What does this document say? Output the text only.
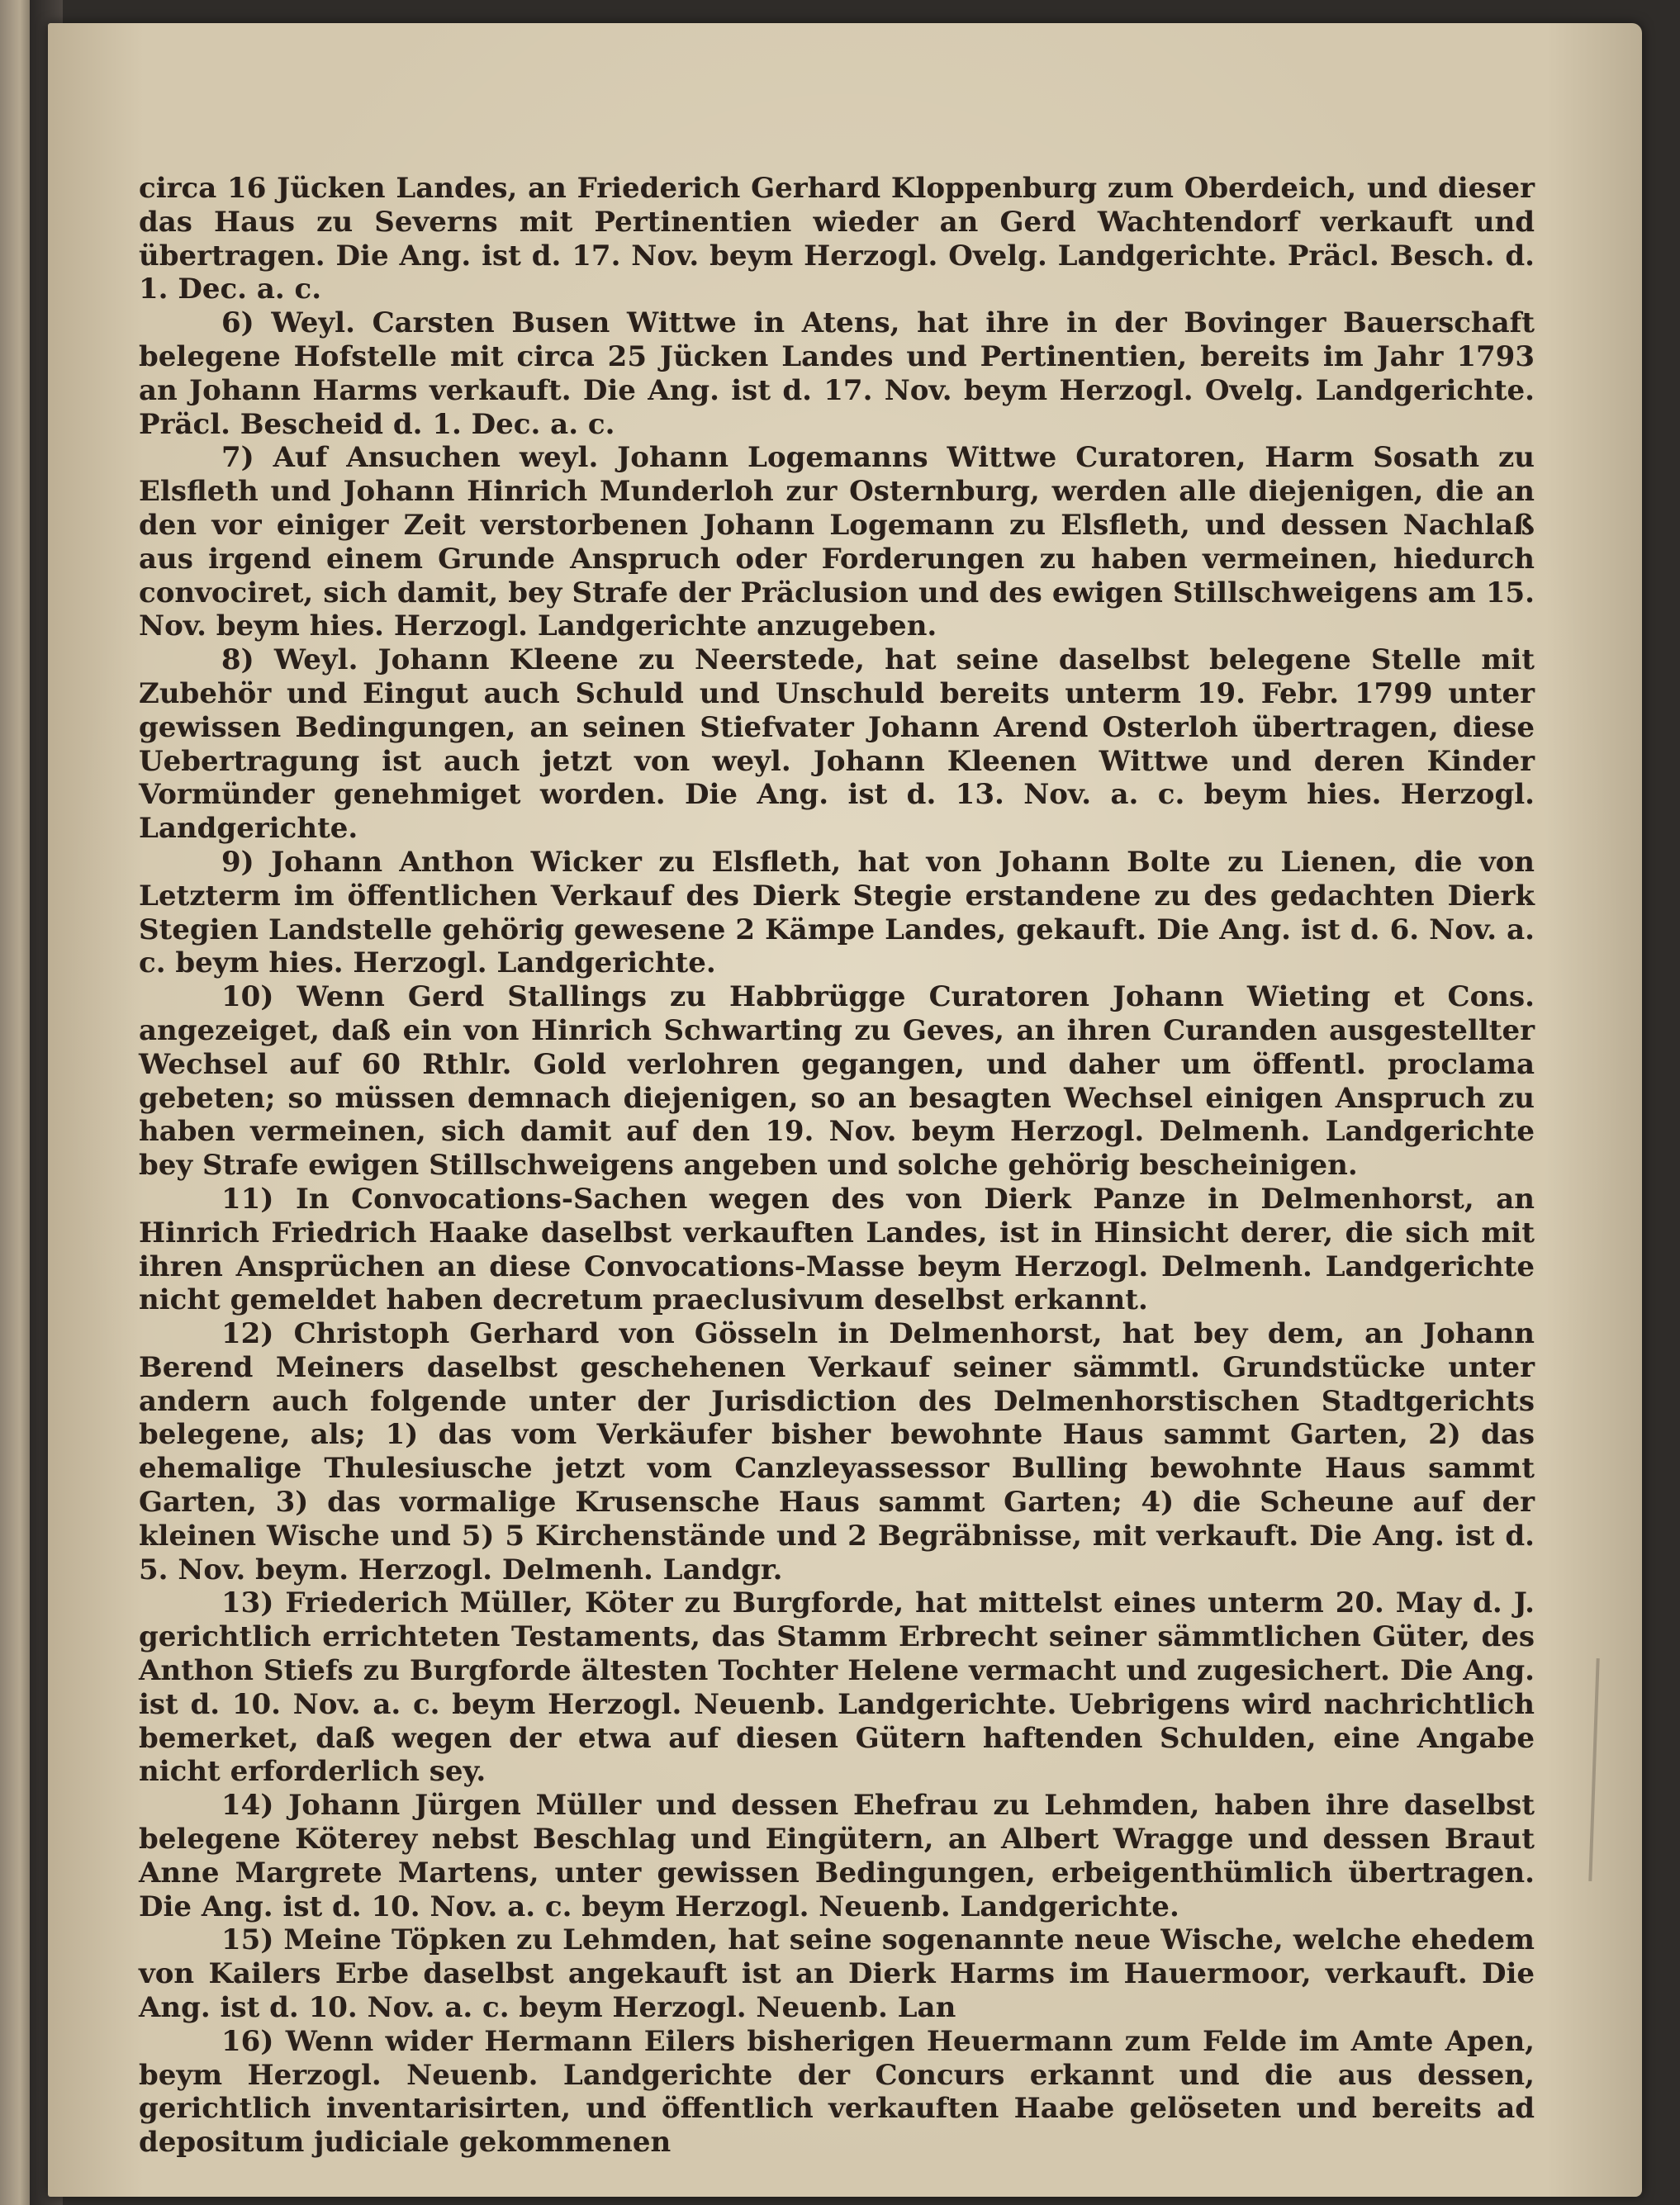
circa 16 Jücken Landes, an Friederich Gerhard Kloppenburg zum Oberdeich, und dieser das Haus zu Severns mit Pertinentien wieder an Gerd Wachtendorf verkauft und übertragen. Die Ang. ist d. 17. Nov. beym Herzogl. Ovelg. Landgerichte. Präcl. Besch. d. 1. Dec. a. c.

6) Weyl. Carsten Busen Wittwe in Atens, hat ihre in der Bovinger Bauerschaft belegene Hofstelle mit circa 25 Jücken Landes und Pertinentien, bereits im Jahr 1793 an Johann Harms verkauft. Die Ang. ist d. 17. Nov. beym Herzogl. Ovelg. Landgerichte. Präcl. Bescheid d. 1. Dec. a. c.

7) Auf Ansuchen weyl. Johann Logemanns Wittwe Curatoren, Harm Sosath zu Elsfleth und Johann Hinrich Munderloh zur Osternburg, werden alle diejenigen, die an den vor einiger Zeit verstorbenen Johann Logemann zu Elsfleth, und dessen Nachlaß aus irgend einem Grunde Anspruch oder Forderungen zu haben vermeinen, hiedurch convociret, sich damit, bey Strafe der Präclusion und des ewigen Stillschweigens am 15. Nov. beym hies. Herzogl. Landgerichte anzugeben.

8) Weyl. Johann Kleene zu Neerstede, hat seine daselbst belegene Stelle mit Zubehör und Eingut auch Schuld und Unschuld bereits unterm 19. Febr. 1799 unter gewissen Bedingungen, an seinen Stiefvater Johann Arend Osterloh übertragen, diese Uebertragung ist auch jetzt von weyl. Johann Kleenen Wittwe und deren Kinder Vormünder genehmiget worden. Die Ang. ist d. 13. Nov. a. c. beym hies. Herzogl. Landgerichte.

9) Johann Anthon Wicker zu Elsfleth, hat von Johann Bolte zu Lienen, die von Letzterm im öffentlichen Verkauf des Dierk Stegie erstandene zu des gedachten Dierk Stegien Landstelle gehörig gewesene 2 Kämpe Landes, gekauft. Die Ang. ist d. 6. Nov. a. c. beym hies. Herzogl. Landgerichte.

10) Wenn Gerd Stallings zu Habbrügge Curatoren Johann Wieting et Cons. angezeiget, daß ein von Hinrich Schwarting zu Geves, an ihren Curanden ausgestellter Wechsel auf 60 Rthlr. Gold verlohren gegangen, und daher um öffentl. proclama gebeten; so müssen demnach diejenigen, so an besagten Wechsel einigen Anspruch zu haben vermeinen, sich damit auf den 19. Nov. beym Herzogl. Delmenh. Landgerichte bey Strafe ewigen Stillschweigens angeben und solche gehörig bescheinigen.

11) In Convocations-Sachen wegen des von Dierk Panze in Delmenhorst, an Hinrich Friedrich Haake daselbst verkauften Landes, ist in Hinsicht derer, die sich mit ihren Ansprüchen an diese Convocations-Masse beym Herzogl. Delmenh. Landgerichte nicht gemeldet haben decretum praeclusivum deselbst erkannt.

12) Christoph Gerhard von Gösseln in Delmenhorst, hat bey dem, an Johann Berend Meiners daselbst geschehenen Verkauf seiner sämmtl. Grundstücke unter andern auch folgende unter der Jurisdiction des Delmenhorstischen Stadtgerichts belegene, als; 1) das vom Verkäufer bisher bewohnte Haus sammt Garten, 2) das ehemalige Thulesiusche jetzt vom Canzleyassessor Bulling bewohnte Haus sammt Garten, 3) das vormalige Krusensche Haus sammt Garten; 4) die Scheune auf der kleinen Wische und 5) 5 Kirchenstände und 2 Begräbnisse, mit verkauft. Die Ang. ist d. 5. Nov. beym. Herzogl. Delmenh. Landgr.

13) Friederich Müller, Köter zu Burgforde, hat mittelst eines unterm 20. May d. J. gerichtlich errichteten Testaments, das Stamm Erbrecht seiner sämmtlichen Güter, des Anthon Stiefs zu Burgforde ältesten Tochter Helene vermacht und zugesichert. Die Ang. ist d. 10. Nov. a. c. beym Herzogl. Neuenb. Landgerichte. Uebrigens wird nachrichtlich bemerket, daß wegen der etwa auf diesen Gütern haftenden Schulden, eine Angabe nicht erforderlich sey.

14) Johann Jürgen Müller und dessen Ehefrau zu Lehmden, haben ihre daselbst belegene Köterey nebst Beschlag und Eingütern, an Albert Wragge und dessen Braut Anne Margrete Martens, unter gewissen Bedingungen, erbeigenthümlich übertragen. Die Ang. ist d. 10. Nov. a. c. beym Herzogl. Neuenb. Landgerichte.

15) Meine Töpken zu Lehmden, hat seine sogenannte neue Wische, welche ehedem von Kailers Erbe daselbst angekauft ist an Dierk Harms im Hauermoor, verkauft. Die Ang. ist d. 10. Nov. a. c. beym Herzogl. Neuenb. Lan

16) Wenn wider Hermann Eilers bisherigen Heuermann zum Felde im Amte Apen, beym Herzogl. Neuenb. Landgerichte der Concurs erkannt und die aus dessen, gerichtlich inventarisirten, und öffentlich verkauften Haabe gelöseten und bereits ad depositum judiciale gekommenen
